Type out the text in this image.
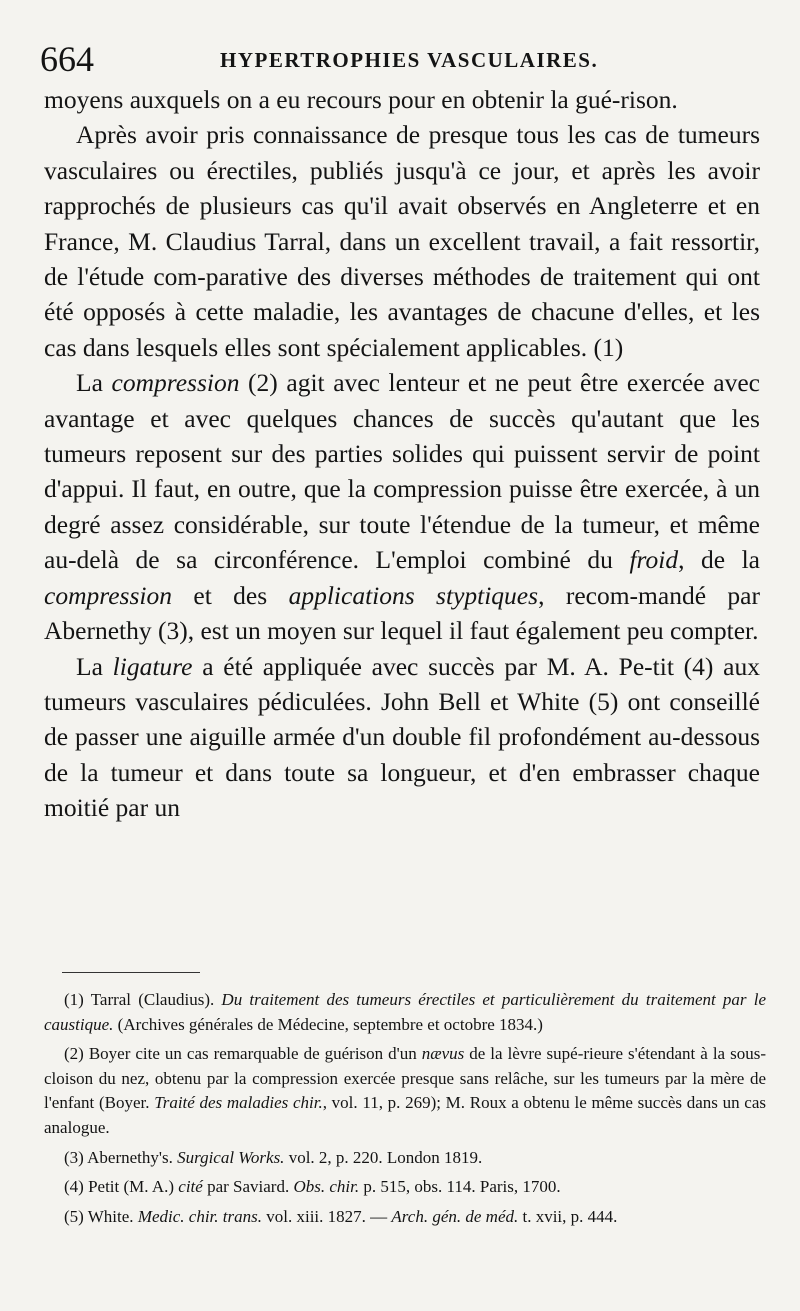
664	HYPERTROPHIES VASCULAIRES.

moyens auxquels on a eu recours pour en obtenir la gué-rison.

Après avoir pris connaissance de presque tous les cas de tumeurs vasculaires ou érectiles, publiés jusqu'à ce jour, et après les avoir rapprochés de plusieurs cas qu'il avait observés en Angleterre et en France, M. Claudius Tarral, dans un excellent travail, a fait ressortir, de l'étude com-parative des diverses méthodes de traitement qui ont été opposés à cette maladie, les avantages de chacune d'elles, et les cas dans lesquels elles sont spécialement applicables. (1)

La compression (2) agit avec lenteur et ne peut être exercée avec avantage et avec quelques chances de succès qu'autant que les tumeurs reposent sur des parties solides qui puissent servir de point d'appui. Il faut, en outre, que la compression puisse être exercée, à un degré assez considérable, sur toute l'étendue de la tumeur, et même au-delà de sa circonférence. L'emploi combiné du froid, de la compression et des applications styptiques, recom-mandé par Abernethy (3), est un moyen sur lequel il faut également peu compter.

La ligature a été appliquée avec succès par M. A. Pe-tit (4) aux tumeurs vasculaires pédiculées. John Bell et White (5) ont conseillé de passer une aiguille armée d'un double fil profondément au-dessous de la tumeur et dans toute sa longueur, et d'en embrasser chaque moitié par un

(1) Tarral (Claudius). Du traitement des tumeurs érectiles et particulièrement du traitement par le caustique. (Archives générales de Médecine, septembre et octobre 1834.)

(2) Boyer cite un cas remarquable de guérison d'un nævus de la lèvre supé-rieure s'étendant à la sous-cloison du nez, obtenu par la compression exercée presque sans relâche, sur les tumeurs par la mère de l'enfant (Boyer. Traité des maladies chir., vol. 11, p. 269); M. Roux a obtenu le même succès dans un cas analogue.

(3) Abernethy's. Surgical Works. vol. 2, p. 220. London 1819.

(4) Petit (M. A.) cité par Saviard. Obs. chir. p. 515, obs. 114. Paris, 1700.

(5) White. Medic. chir. trans. vol. xiii. 1827. — Arch. gén. de méd. t. xvii, p. 444.
